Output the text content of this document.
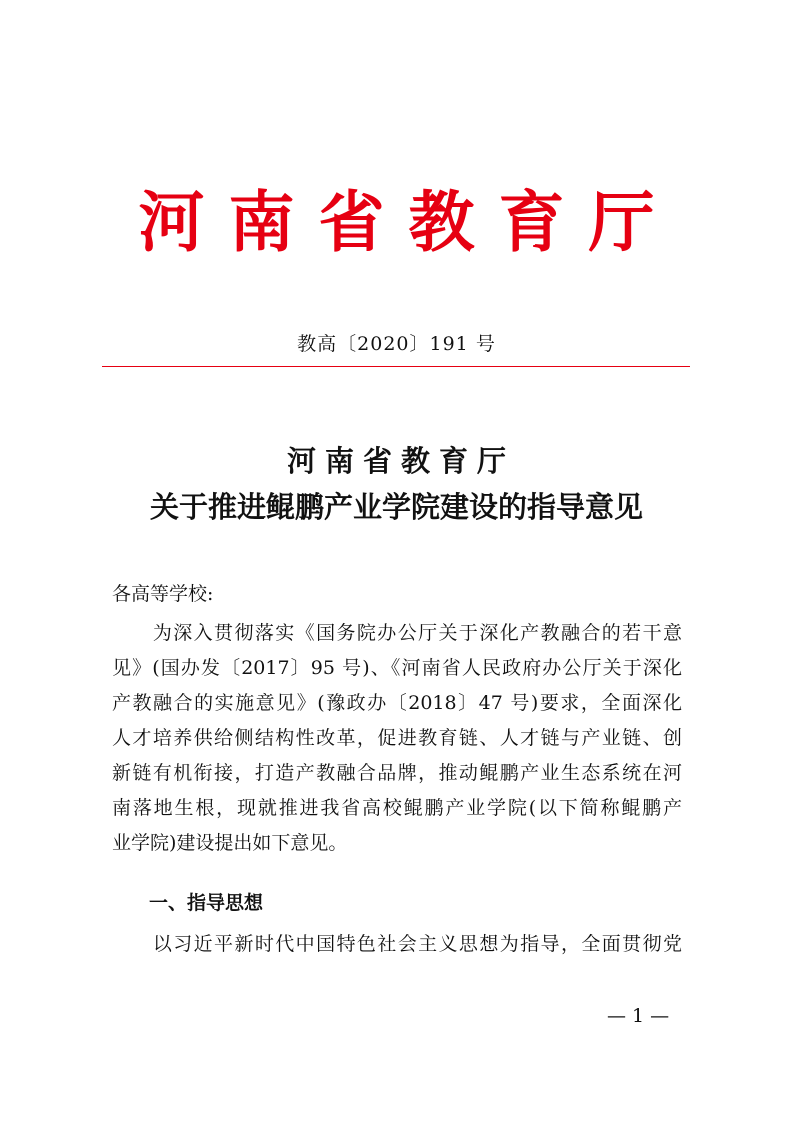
河南省教育厅
教高〔2020〕191 号
河南省教育厅
关于推进鲲鹏产业学院建设的指导意见
各高等学校:
　　为深入贯彻落实《国务院办公厅关于深化产教融合的若干意
见》(国办发〔2017〕95 号)、《河南省人民政府办公厅关于深化
产教融合的实施意见》(豫政办〔2018〕47 号)要求，全面深化
人才培养供给侧结构性改革，促进教育链、人才链与产业链、创
新链有机衔接，打造产教融合品牌，推动鲲鹏产业生态系统在河
南落地生根，现就推进我省高校鲲鹏产业学院(以下简称鲲鹏产
业学院)建设提出如下意见。
一、指导思想
　　以习近平新时代中国特色社会主义思想为指导，全面贯彻党
— 1 —
